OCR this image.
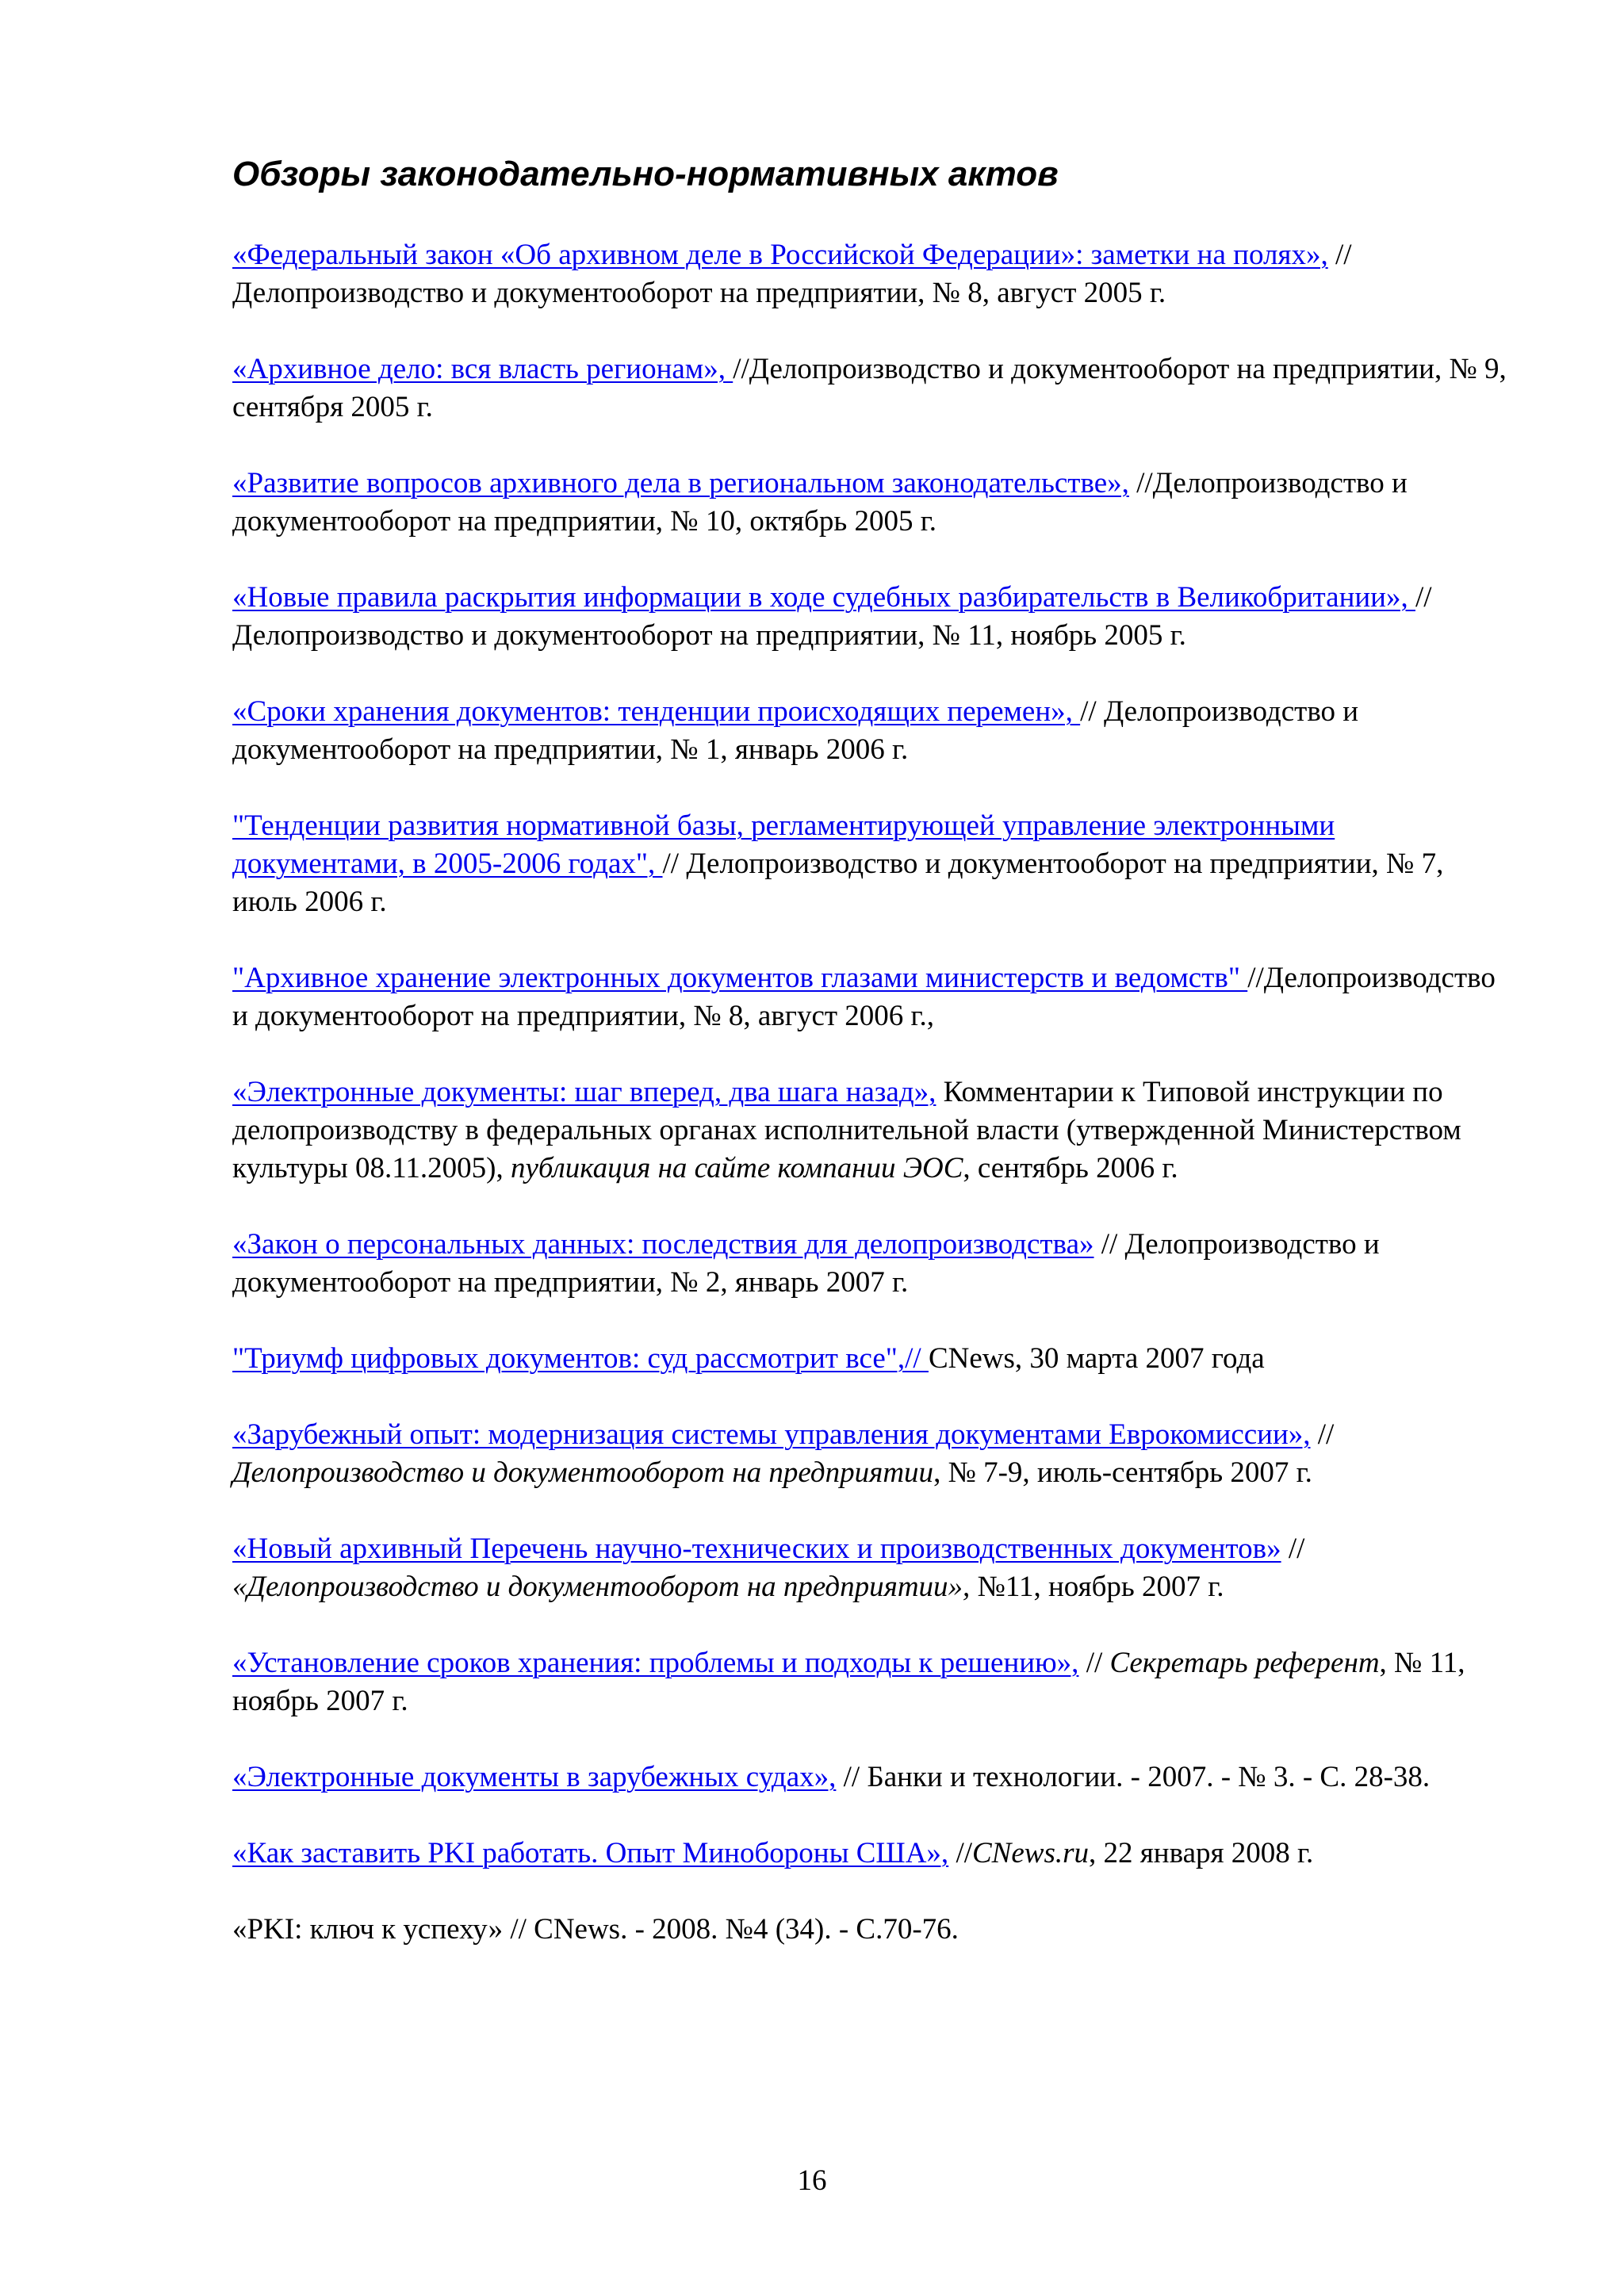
Обзоры законодательно-нормативных актов
«Федеральный закон «Об архивном деле в Российской Федерации»: заметки на полях», //Делопроизводство и документооборот на предприятии, № 8, август 2005 г.
«Архивное дело: вся власть регионам», //Делопроизводство и документооборот на предприятии, № 9, сентября 2005 г.
«Развитие вопросов архивного дела в региональном законодательстве», //Делопроизводство и документооборот на предприятии, № 10, октябрь 2005 г.
«Новые правила раскрытия информации в ходе судебных разбирательств в Великобритании», //Делопроизводство и документооборот на предприятии, № 11, ноябрь 2005 г.
«Сроки хранения документов: тенденции происходящих перемен», // Делопроизводство и документооборот на предприятии, № 1, январь 2006 г.
"Тенденции развития нормативной базы, регламентирующей управление электронными документами, в 2005-2006 годах", // Делопроизводство и документооборот на предприятии, № 7, июль 2006 г.
"Архивное хранение электронных документов глазами министерств и ведомств" //Делопроизводство и документооборот на предприятии, № 8, август 2006 г.,
«Электронные документы: шаг вперед, два шага назад», Комментарии к Типовой инструкции по делопроизводству в федеральных органах исполнительной власти (утвержденной Министерством культуры 08.11.2005), публикация на сайте компании ЭОС, сентябрь 2006 г.
«Закон о персональных данных: последствия для делопроизводства» // Делопроизводство и документооборот на предприятии, № 2, январь 2007 г.
"Триумф цифровых документов: суд рассмотрит все",// CNews, 30 марта 2007 года
«Зарубежный опыт: модернизация системы управления документами Еврокомиссии», //Делопроизводство и документооборот на предприятии, № 7-9, июль-сентябрь 2007 г.
«Новый архивный Перечень научно-технических и производственных документов» // «Делопроизводство и документооборот на предприятии», №11, ноябрь 2007 г.
«Установление сроков хранения: проблемы и подходы к решению», // Секретарь референт, № 11, ноябрь 2007 г.
«Электронные документы в зарубежных судах», // Банки и технологии. - 2007. - № 3. - С. 28-38.
«Как заставить PKI работать. Опыт Минобороны США», //CNews.ru, 22 января 2008 г.
«PKI: ключ к успеху» // CNews. - 2008. №4 (34). - С.70-76.
16
